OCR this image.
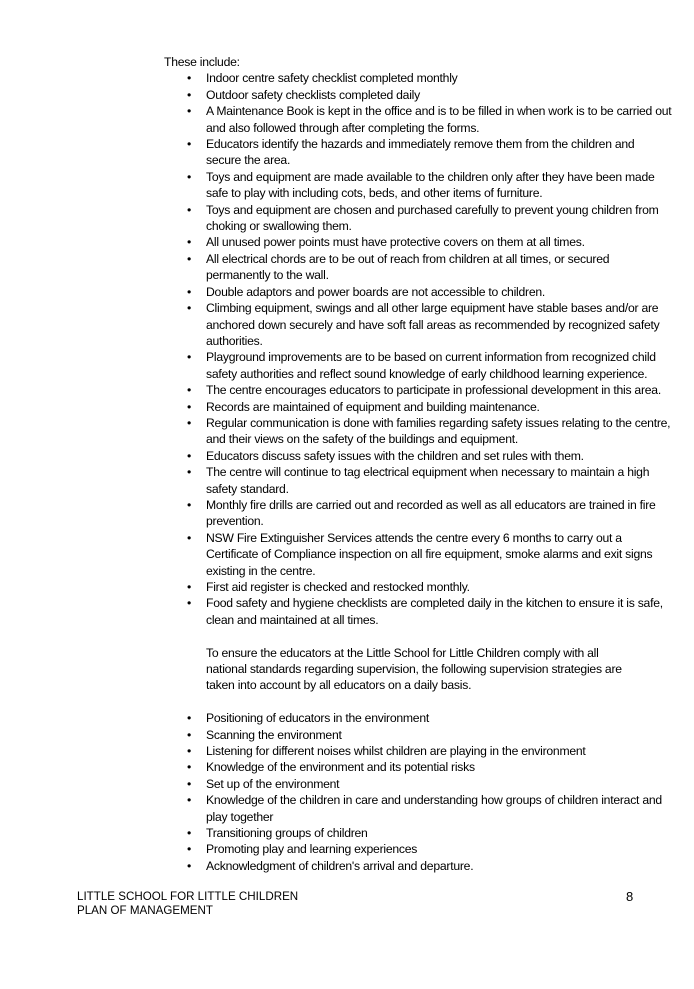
These include:

• Indoor centre safety checklist completed monthly
• Outdoor safety checklists completed daily
• A Maintenance Book is kept in the office and is to be filled in when work is to be carried out and also followed through after completing the forms.
• Educators identify the hazards and immediately remove them from the children and secure the area.
• Toys and equipment are made available to the children only after they have been made safe to play with including cots, beds, and other items of furniture.
• Toys and equipment are chosen and purchased carefully to prevent young children from choking or swallowing them.
• All unused power points must have protective covers on them at all times.
• All electrical chords are to be out of reach from children at all times, or secured permanently to the wall.
• Double adaptors and power boards are not accessible to children.
• Climbing equipment, swings and all other large equipment have stable bases and/or are anchored down securely and have soft fall areas as recommended by recognized safety authorities.
• Playground improvements are to be based on current information from recognized child safety authorities and reflect sound knowledge of early childhood learning experience.
• The centre encourages educators to participate in professional development in this area.
• Records are maintained of equipment and building maintenance.
• Regular communication is done with families regarding safety issues relating to the centre, and their views on the safety of the buildings and equipment.
• Educators discuss safety issues with the children and set rules with them.
• The centre will continue to tag electrical equipment when necessary to maintain a high safety standard.
• Monthly fire drills are carried out and recorded as well as all educators are trained in fire prevention.
• NSW Fire Extinguisher Services attends the centre every 6 months to carry out a Certificate of Compliance inspection on all fire equipment, smoke alarms and exit signs existing in the centre.
• First aid register is checked and restocked monthly.
• Food safety and hygiene checklists are completed daily in the kitchen to ensure it is safe, clean and maintained at all times.

To ensure the educators at the Little School for Little Children comply with all national standards regarding supervision, the following supervision strategies are taken into account by all educators on a daily basis.

• Positioning of educators in the environment
• Scanning the environment
• Listening for different noises whilst children are playing in the environment
• Knowledge of the environment and its potential risks
• Set up of the environment
• Knowledge of the children in care and understanding how groups of children interact and play together
• Transitioning groups of children
• Promoting play and learning experiences
• Acknowledgment of children's arrival and departure.
LITTLE SCHOOL FOR LITTLE CHILDREN
PLAN OF MANAGEMENT
8
